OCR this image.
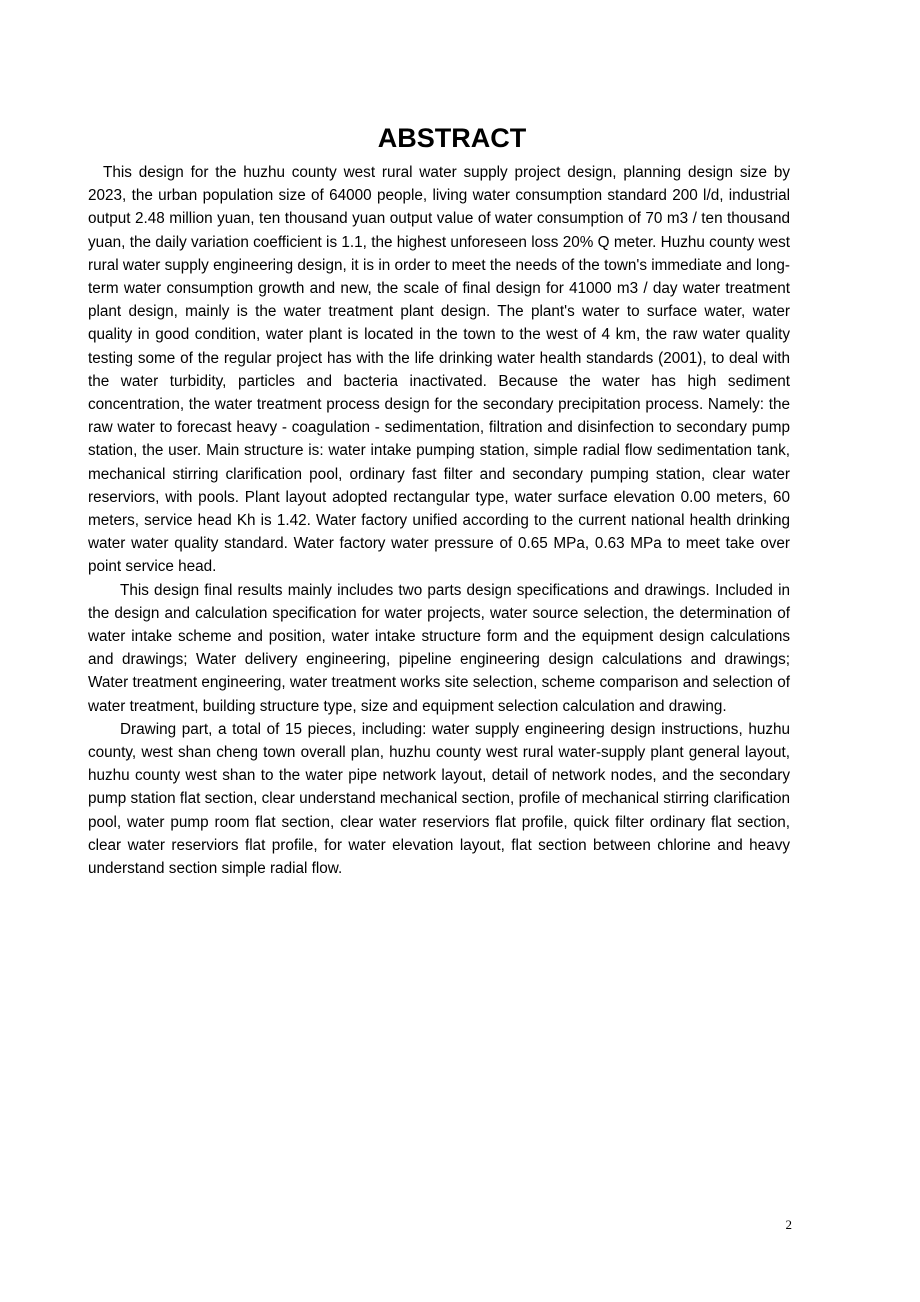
ABSTRACT

This design for the huzhu county west rural water supply project design, planning design size by 2023, the urban population size of 64000 people, living water consumption standard 200 l/d, industrial output 2.48 million yuan, ten thousand yuan output value of water consumption of 70 m3 / ten thousand yuan, the daily variation coefficient is 1.1, the highest unforeseen loss 20% Q meter. Huzhu county west rural water supply engineering design, it is in order to meet the needs of the town's immediate and long-term water consumption growth and new, the scale of final design for 41000 m3 / day water treatment plant design, mainly is the water treatment plant design. The plant's water to surface water, water quality in good condition, water plant is located in the town to the west of 4 km, the raw water quality testing some of the regular project has with the life drinking water health standards (2001), to deal with the water turbidity, particles and bacteria inactivated. Because the water has high sediment concentration, the water treatment process design for the secondary precipitation process. Namely: the raw water to forecast heavy - coagulation - sedimentation, filtration and disinfection to secondary pump station, the user. Main structure is: water intake pumping station, simple radial flow sedimentation tank, mechanical stirring clarification pool, ordinary fast filter and secondary pumping station, clear water reserviors, with pools. Plant layout adopted rectangular type, water surface elevation 0.00 meters, 60 meters, service head Kh is 1.42. Water factory unified according to the current national health drinking water water quality standard. Water factory water pressure of 0.65 MPa, 0.63 MPa to meet take over point service head.

This design final results mainly includes two parts design specifications and drawings. Included in the design and calculation specification for water projects, water source selection, the determination of water intake scheme and position, water intake structure form and the equipment design calculations and drawings; Water delivery engineering, pipeline engineering design calculations and drawings; Water treatment engineering, water treatment works site selection, scheme comparison and selection of water treatment, building structure type, size and equipment selection calculation and drawing.

Drawing part, a total of 15 pieces, including: water supply engineering design instructions, huzhu county, west shan cheng town overall plan, huzhu county west rural water-supply plant general layout, huzhu county west shan to the water pipe network layout, detail of network nodes, and the secondary pump station flat section, clear understand mechanical section, profile of mechanical stirring clarification pool, water pump room flat section, clear water reserviors flat profile, quick filter ordinary flat section, clear water reserviors flat profile, for water elevation layout, flat section between chlorine and heavy understand section simple radial flow.

2
